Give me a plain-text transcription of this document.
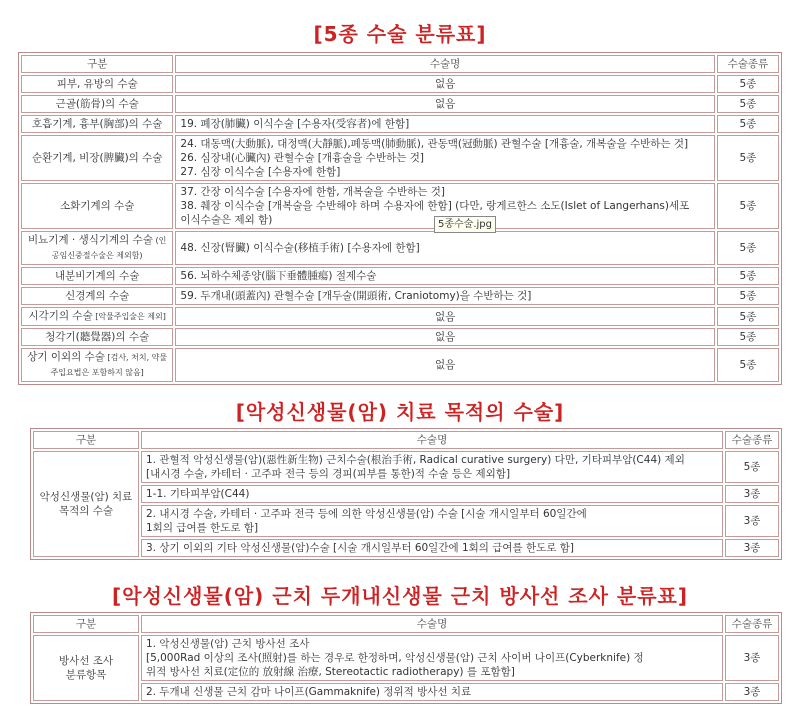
[5종 수술 분류표]
구분	수술명	수술종류
피부, 유방의 수술	없음	5종
근골(筋骨)의 수술	없음	5종
호흡기계, 흉부(胸部)의 수술	19. 폐장(肺臟) 이식수술 [수용자(受容者)에 한함]	5종
순환기계, 비장(脾臟)의 수술	24. 대동맥(大動脈), 대정맥(大靜脈),폐동맥(肺動脈), 관동맥(冠動脈) 관혈수술 [개흉술, 개복술을 수반하는 것]
26. 심장내(心臟內) 관혈수술 [개흉술을 수반하는 것]
27. 심장 이식수술 [수용자에 한함]	5종
소화기계의 수술	37. 간장 이식수술 [수용자에 한함, 개복술을 수반하는 것]
38. 췌장 이식수술 [개복술을 수반해야 하며 수용자에 한함] (다만, 랑게르한스 소도(Islet of Langerhans)세포
이식수술은 제외 함)	5종
비뇨기계 · 생식기계의 수술 (인공임신중절수술은 제외함)	48. 신장(腎臟) 이식수술(移植手術) [수용자에 한함]	5종
내분비기계의 수술	56. 뇌하수체종양(腦下垂體腫瘍) 절제수술	5종
신경계의 수술	59. 두개내(頭蓋內) 관혈수술 [개두술(開頭術, Craniotomy)을 수반하는 것]	5종
시각기의 수술 [악물주입술은 제외]	없음	5종
청각기(聽覺器)의 수술	없음	5종
상기 이외의 수술 [검사, 처치, 약물 주입요법은 포함하지 않음]	없음	5종
5종수술.jpg
[악성신생물(암) 치료 목적의 수술]
구분	수술명	수술종류

악성신생물(암) 치료
목적의 수술	1. 관혈적 악성신생물(암)(惡性新生物) 근치수술(根治手術, Radical curative surgery) 다만, 기타피부암(C44) 제외
[내시경 수술, 카테터 · 고주파 전극 등의 경피(피부를 통한)적 수술 등은 제외함]	5종

	1-1. 기타피부암(C44)	3종

	2. 내시경 수술, 카테터 · 고주파 전극 등에 의한 악성신생물(암) 수술 [시술 개시일부터 60일간에
1회의 급여를 한도로 함]	3종

	3. 상기 이외의 기타 악성신생물(암)수술 [시술 개시일부터 60일간에 1회의 급여를 한도로 함]	3종
[악성신생물(암) 근치 두개내신생물 근치 방사선 조사 분류표]
구분	수술명	수술종류

방사선 조사
분류항목	1. 악성신생물(암) 근치 방사선 조사
[5,000Rad 이상의 조사(照射)를 하는 경우로 한정하며, 악성신생물(암) 근치 사이버 나이프(Cyberknife) 정
위적 방사선 치료(定位的 放射線 治療, Stereotactic radiotherapy) 를 포함함]	3종

	2. 두개내 신생물 근치 감마 나이프(Gammaknife) 정위적 방사선 치료	3종
